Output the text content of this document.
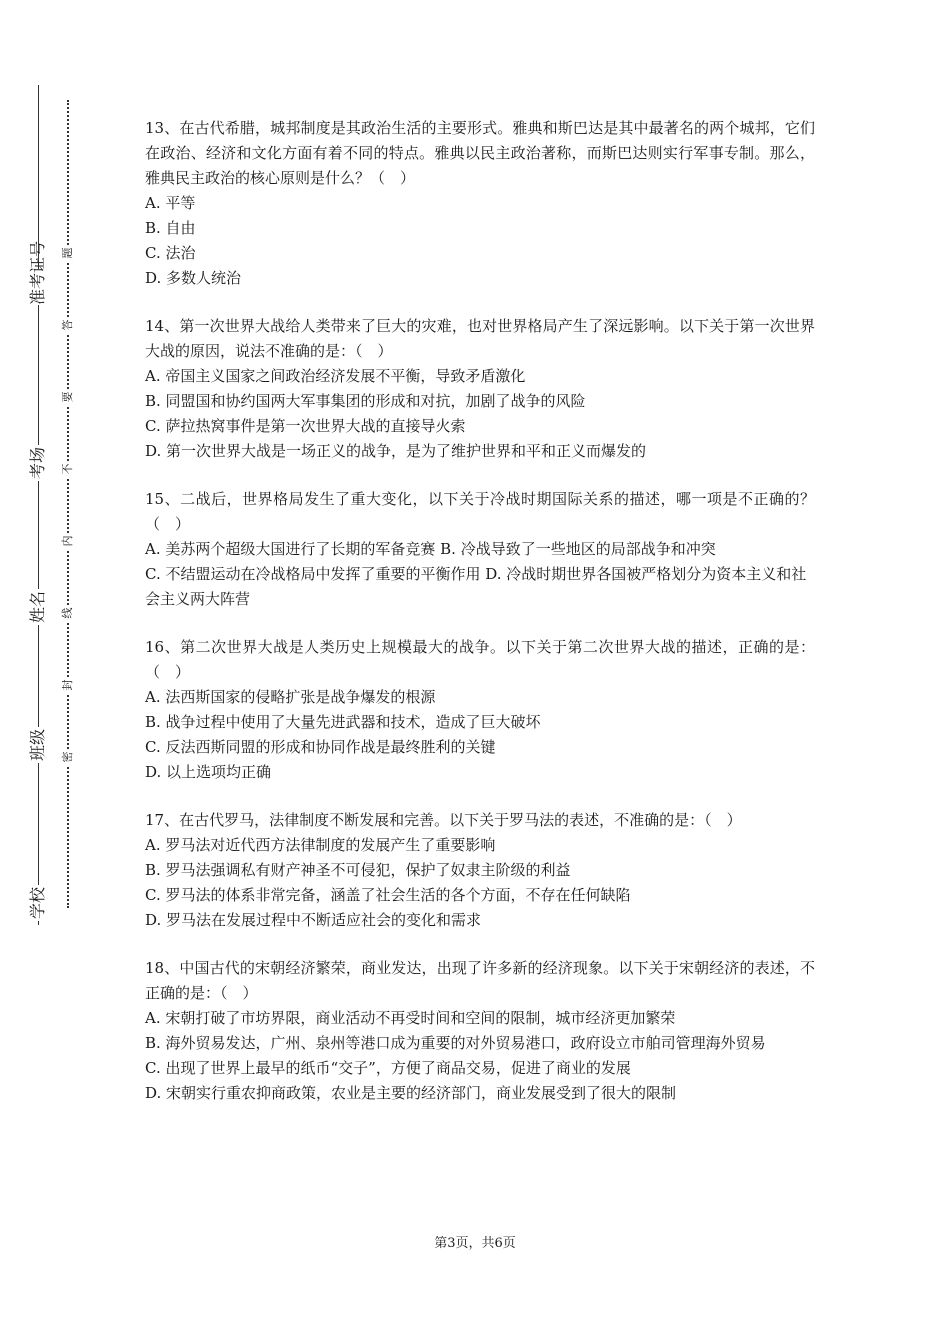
准考证号
考场
姓名
班级
学校
题
答
要
不
内
线
封
密
13、在古代希腊，城邦制度是其政治生活的主要形式。雅典和斯巴达是其中最著名的两个城邦，它们在政治、经济和文化方面有着不同的特点。雅典以民主政治著称，而斯巴达则实行军事专制。那么，雅典民主政治的核心原则是什么？（　）
A. 平等
B. 自由
C. 法治
D. 多数人统治
14、第一次世界大战给人类带来了巨大的灾难，也对世界格局产生了深远影响。以下关于第一次世界大战的原因，说法不准确的是：（　）
A. 帝国主义国家之间政治经济发展不平衡，导致矛盾激化
B. 同盟国和协约国两大军事集团的形成和对抗，加剧了战争的风险
C. 萨拉热窝事件是第一次世界大战的直接导火索
D. 第一次世界大战是一场正义的战争，是为了维护世界和平和正义而爆发的
15、二战后，世界格局发生了重大变化，以下关于冷战时期国际关系的描述，哪一项是不正确的？（　）
A. 美苏两个超级大国进行了长期的军备竞赛 B. 冷战导致了一些地区的局部战争和冲突
C. 不结盟运动在冷战格局中发挥了重要的平衡作用 D. 冷战时期世界各国被严格划分为资本主义和社会主义两大阵营
16、第二次世界大战是人类历史上规模最大的战争。以下关于第二次世界大战的描述，正确的是：（　）
A. 法西斯国家的侵略扩张是战争爆发的根源
B. 战争过程中使用了大量先进武器和技术，造成了巨大破坏
C. 反法西斯同盟的形成和协同作战是最终胜利的关键
D. 以上选项均正确
17、在古代罗马，法律制度不断发展和完善。以下关于罗马法的表述，不准确的是：（　）
A. 罗马法对近代西方法律制度的发展产生了重要影响
B. 罗马法强调私有财产神圣不可侵犯，保护了奴隶主阶级的利益
C. 罗马法的体系非常完备，涵盖了社会生活的各个方面，不存在任何缺陷
D. 罗马法在发展过程中不断适应社会的变化和需求
18、中国古代的宋朝经济繁荣，商业发达，出现了许多新的经济现象。以下关于宋朝经济的表述，不正确的是：（　）
A. 宋朝打破了市坊界限，商业活动不再受时间和空间的限制，城市经济更加繁荣
B. 海外贸易发达，广州、泉州等港口成为重要的对外贸易港口，政府设立市舶司管理海外贸易
C. 出现了世界上最早的纸币“交子”，方便了商品交易，促进了商业的发展
D. 宋朝实行重农抑商政策，农业是主要的经济部门，商业发展受到了很大的限制
第3页，共6页
